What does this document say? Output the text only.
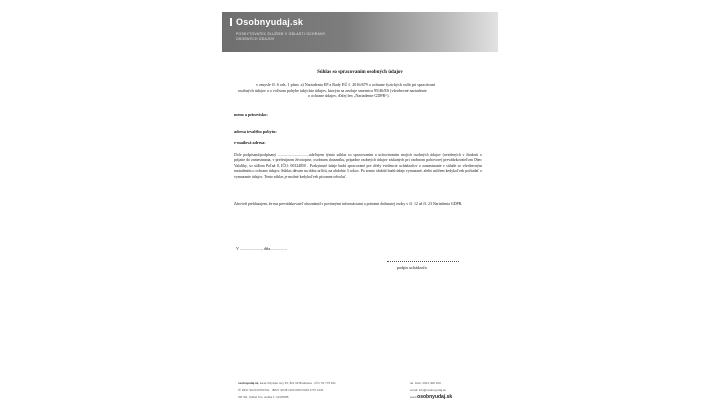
Osobnyudaj.sk
POSKYTOVATEĽ SLUŽIEB V OBLASTI OCHRANY OSOBNÝCH ÚDAJOV
Súhlas so spracovaním osobných údajov
v zmysle čl. 6 ods. 1 písm. a) Nariadenia EP a Rady EÚ č. 2016/679 o ochrane fyzických osôb pri spracúvaní
osobných údajov a o voľnom pohybe takýchto údajov, ktorým sa zrušuje smernica 95/46/ES (všeobecné nariadenie
o ochrane údajov, ďalej len „Nariadenie GDPR“).
meno a priezvisko:
adresa trvalého pobytu:
e-mailová adresa:
Dole podpísaná/podpísaný ................................udeľujem týmto súhlas so spracovaním a uchovávaním mojich osobných údajov (uvedených v žiadosti o prijatie do zamestnania, v prefesijnom životopise, osobnom dotazníku, prípadne osobných údajov získaných pri osobnom pohovore) prevádzkovateľom Obec Valaliky, so sídlom Poľná 8, IČO: 00324850 . Poskytnuté údaje budú spracované pre účely evidencie uchádzačov o zamestnanie v súlade so všeobecným nariadením o ochrane údajov. Súhlas dávam na dobu určitú, na obdobie 3 rokov. Po tomto období budú údaje vymazané, alebo môžem kedykoľvek požiadať o vymazanie údajov. Tento súhlas je možné kedykoľvek písomne odvolať.
Zároveň prehlasujem, že ma prevádzkovateľ oboznámil s povinnými informáciami a právami dotknutej osoby v čl. 12 až čl. 23 Nariadenia GDPR.
V ....................., dňa................
podpis uchádzača
osobnyudaj.sk, s.r.o. Mlynské nivy 45, 821 09 Bratislava · IČO: 51 779 621
IČ DPH: SK2120764791 · IBAN: SK38 1100 0000 0029 4707 1234
OR SR, Oddiel Sro, vložka č. 123456/B
tel. číslo: 0911 400 400
email: info@osobnyudaj.sk
www.osobnyudaj.sk
